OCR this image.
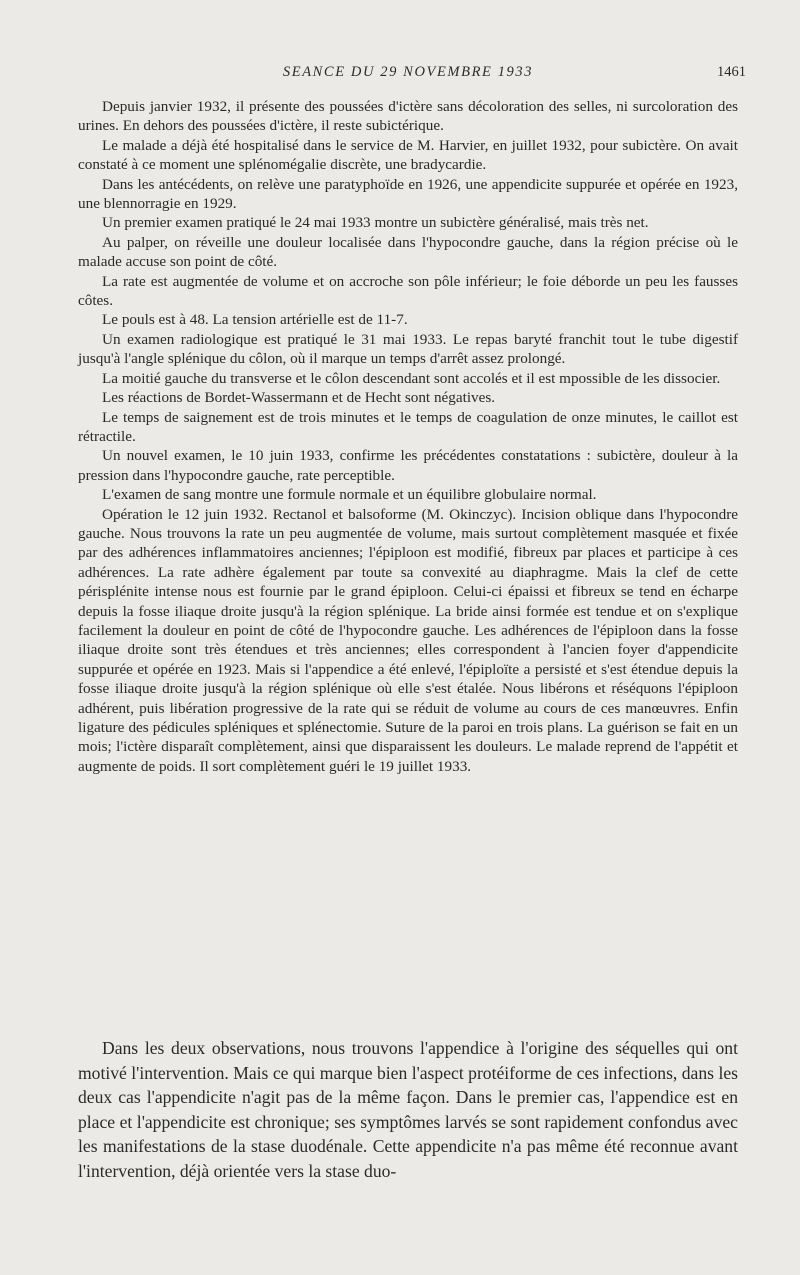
SEANCE DU 29 NOVEMBRE 1933	1461

Depuis janvier 1932, il présente des poussées d'ictère sans décoloration des selles, ni surcoloration des urines. En dehors des poussées d'ictère, il reste subictérique.

Le malade a déjà été hospitalisé dans le service de M. Harvier, en juillet 1932, pour subictère. On avait constaté à ce moment une splénomégalie discrète, une bradycardie.

Dans les antécédents, on relève une paratyphoïde en 1926, une appendicite suppurée et opérée en 1923, une blennorragie en 1929.

Un premier examen pratiqué le 24 mai 1933 montre un subictère généralisé, mais très net.

Au palper, on réveille une douleur localisée dans l'hypocondre gauche, dans la région précise où le malade accuse son point de côté.

La rate est augmentée de volume et on accroche son pôle inférieur; le foie déborde un peu les fausses côtes.

Le pouls est à 48. La tension artérielle est de 11-7.

Un examen radiologique est pratiqué le 31 mai 1933. Le repas baryté franchit tout le tube digestif jusqu'à l'angle splénique du côlon, où il marque un temps d'arrêt assez prolongé.

La moitié gauche du transverse et le côlon descendant sont accolés et il est mpossible de les dissocier.

Les réactions de Bordet-Wassermann et de Hecht sont négatives.

Le temps de saignement est de trois minutes et le temps de coagulation de onze minutes, le caillot est rétractile.

Un nouvel examen, le 10 juin 1933, confirme les précédentes constatations : subictère, douleur à la pression dans l'hypocondre gauche, rate perceptible.

L'examen de sang montre une formule normale et un équilibre globulaire normal.

Opération le 12 juin 1932. Rectanol et balsoforme (M. Okinczyc). Incision oblique dans l'hypocondre gauche. Nous trouvons la rate un peu augmentée de volume, mais surtout complètement masquée et fixée par des adhérences inflammatoires anciennes; l'épiploon est modifié, fibreux par places et participe à ces adhérences. La rate adhère également par toute sa convexité au diaphragme. Mais la clef de cette périsplénite intense nous est fournie par le grand épiploon. Celui-ci épaissi et fibreux se tend en écharpe depuis la fosse iliaque droite jusqu'à la région splénique. La bride ainsi formée est tendue et on s'explique facilement la douleur en point de côté de l'hypocondre gauche. Les adhérences de l'épiploon dans la fosse iliaque droite sont très étendues et très anciennes; elles correspondent à l'ancien foyer d'appendicite suppurée et opérée en 1923. Mais si l'appendice a été enlevé, l'épiploïte a persisté et s'est étendue depuis la fosse iliaque droite jusqu'à la région splénique où elle s'est étalée. Nous libérons et réséquons l'épiploon adhérent, puis libération progressive de la rate qui se réduit de volume au cours de ces manœuvres. Enfin ligature des pédicules spléniques et splénectomie. Suture de la paroi en trois plans. La guérison se fait en un mois; l'ictère disparaît complètement, ainsi que disparaissent les douleurs. Le malade reprend de l'appétit et augmente de poids. Il sort complètement guéri le 19 juillet 1933.

Dans les deux observations, nous trouvons l'appendice à l'origine des séquelles qui ont motivé l'intervention. Mais ce qui marque bien l'aspect protéiforme de ces infections, dans les deux cas l'appendicite n'agit pas de la même façon. Dans le premier cas, l'appendice est en place et l'appendicite est chronique; ses symptômes larvés se sont rapidement confondus avec les manifestations de la stase duodénale. Cette appendicite n'a pas même été reconnue avant l'intervention, déjà orientée vers la stase duo-
